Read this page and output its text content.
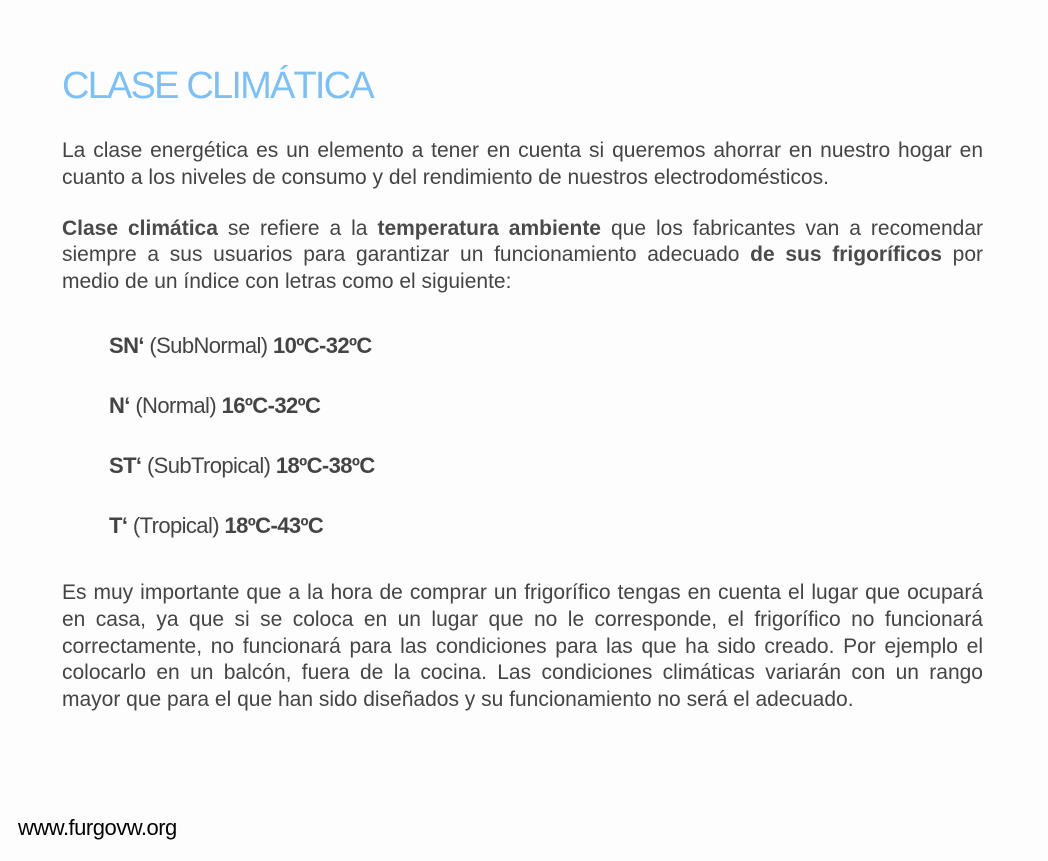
CLASE CLIMÁTICA

La clase energética es un elemento a tener en cuenta si queremos ahorrar en nuestro hogar en cuanto a los niveles de consumo y del rendimiento de nuestros electrodomésticos.

Clase climática se refiere a la temperatura ambiente que los fabricantes van a recomendar siempre a sus usuarios para garantizar un funcionamiento adecuado de sus frigoríficos por medio de un índice con letras como el siguiente:

SN‘ (SubNormal) 10ºC-32ºC
N‘ (Normal) 16ºC-32ºC
ST‘ (SubTropical) 18ºC-38ºC
T‘ (Tropical) 18ºC-43ºC

Es muy importante que a la hora de comprar un frigorífico tengas en cuenta el lugar que ocupará en casa, ya que si se coloca en un lugar que no le corresponde, el frigorífico no funcionará correctamente, no funcionará para las condiciones para las que ha sido creado. Por ejemplo el colocarlo en un balcón, fuera de la cocina. Las condiciones climáticas variarán con un rango mayor que para el que han sido diseñados y su funcionamiento no será el adecuado.

www.furgovw.org
